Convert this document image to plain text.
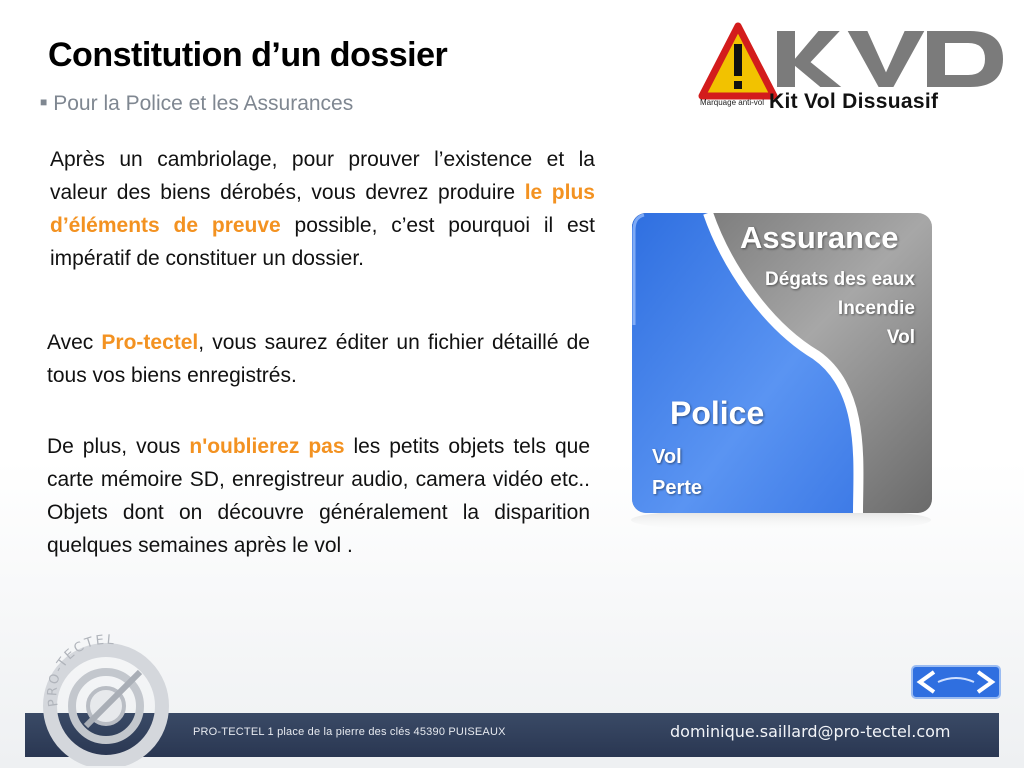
Constitution d’un dossier
■ Pour la Police et les Assurances	Marquage anti-vol Kit Vol Dissuasif
Après un cambriolage, pour prouver l’existence et la valeur des biens dérobés, vous devrez produire le plus d’éléments de preuve possible, c’est pourquoi il est impératif de constituer un dossier.
Avec Pro-tectel, vous saurez éditer un fichier détaillé de tous vos biens enregistrés.
De plus, vous n'oublierez pas les petits objets tels que carte mémoire SD, enregistreur audio, camera vidéo etc.. Objets dont on découvre généralement la disparition quelques semaines après le vol .
Assurance
Dégats des eaux
Incendie
Vol
Police
Vol
Perte
PRO-TECTEL 1 place de la pierre des clés 45390 PUISEAUX	dominique.saillard@pro-tectel.com
PRO-TECTEL
